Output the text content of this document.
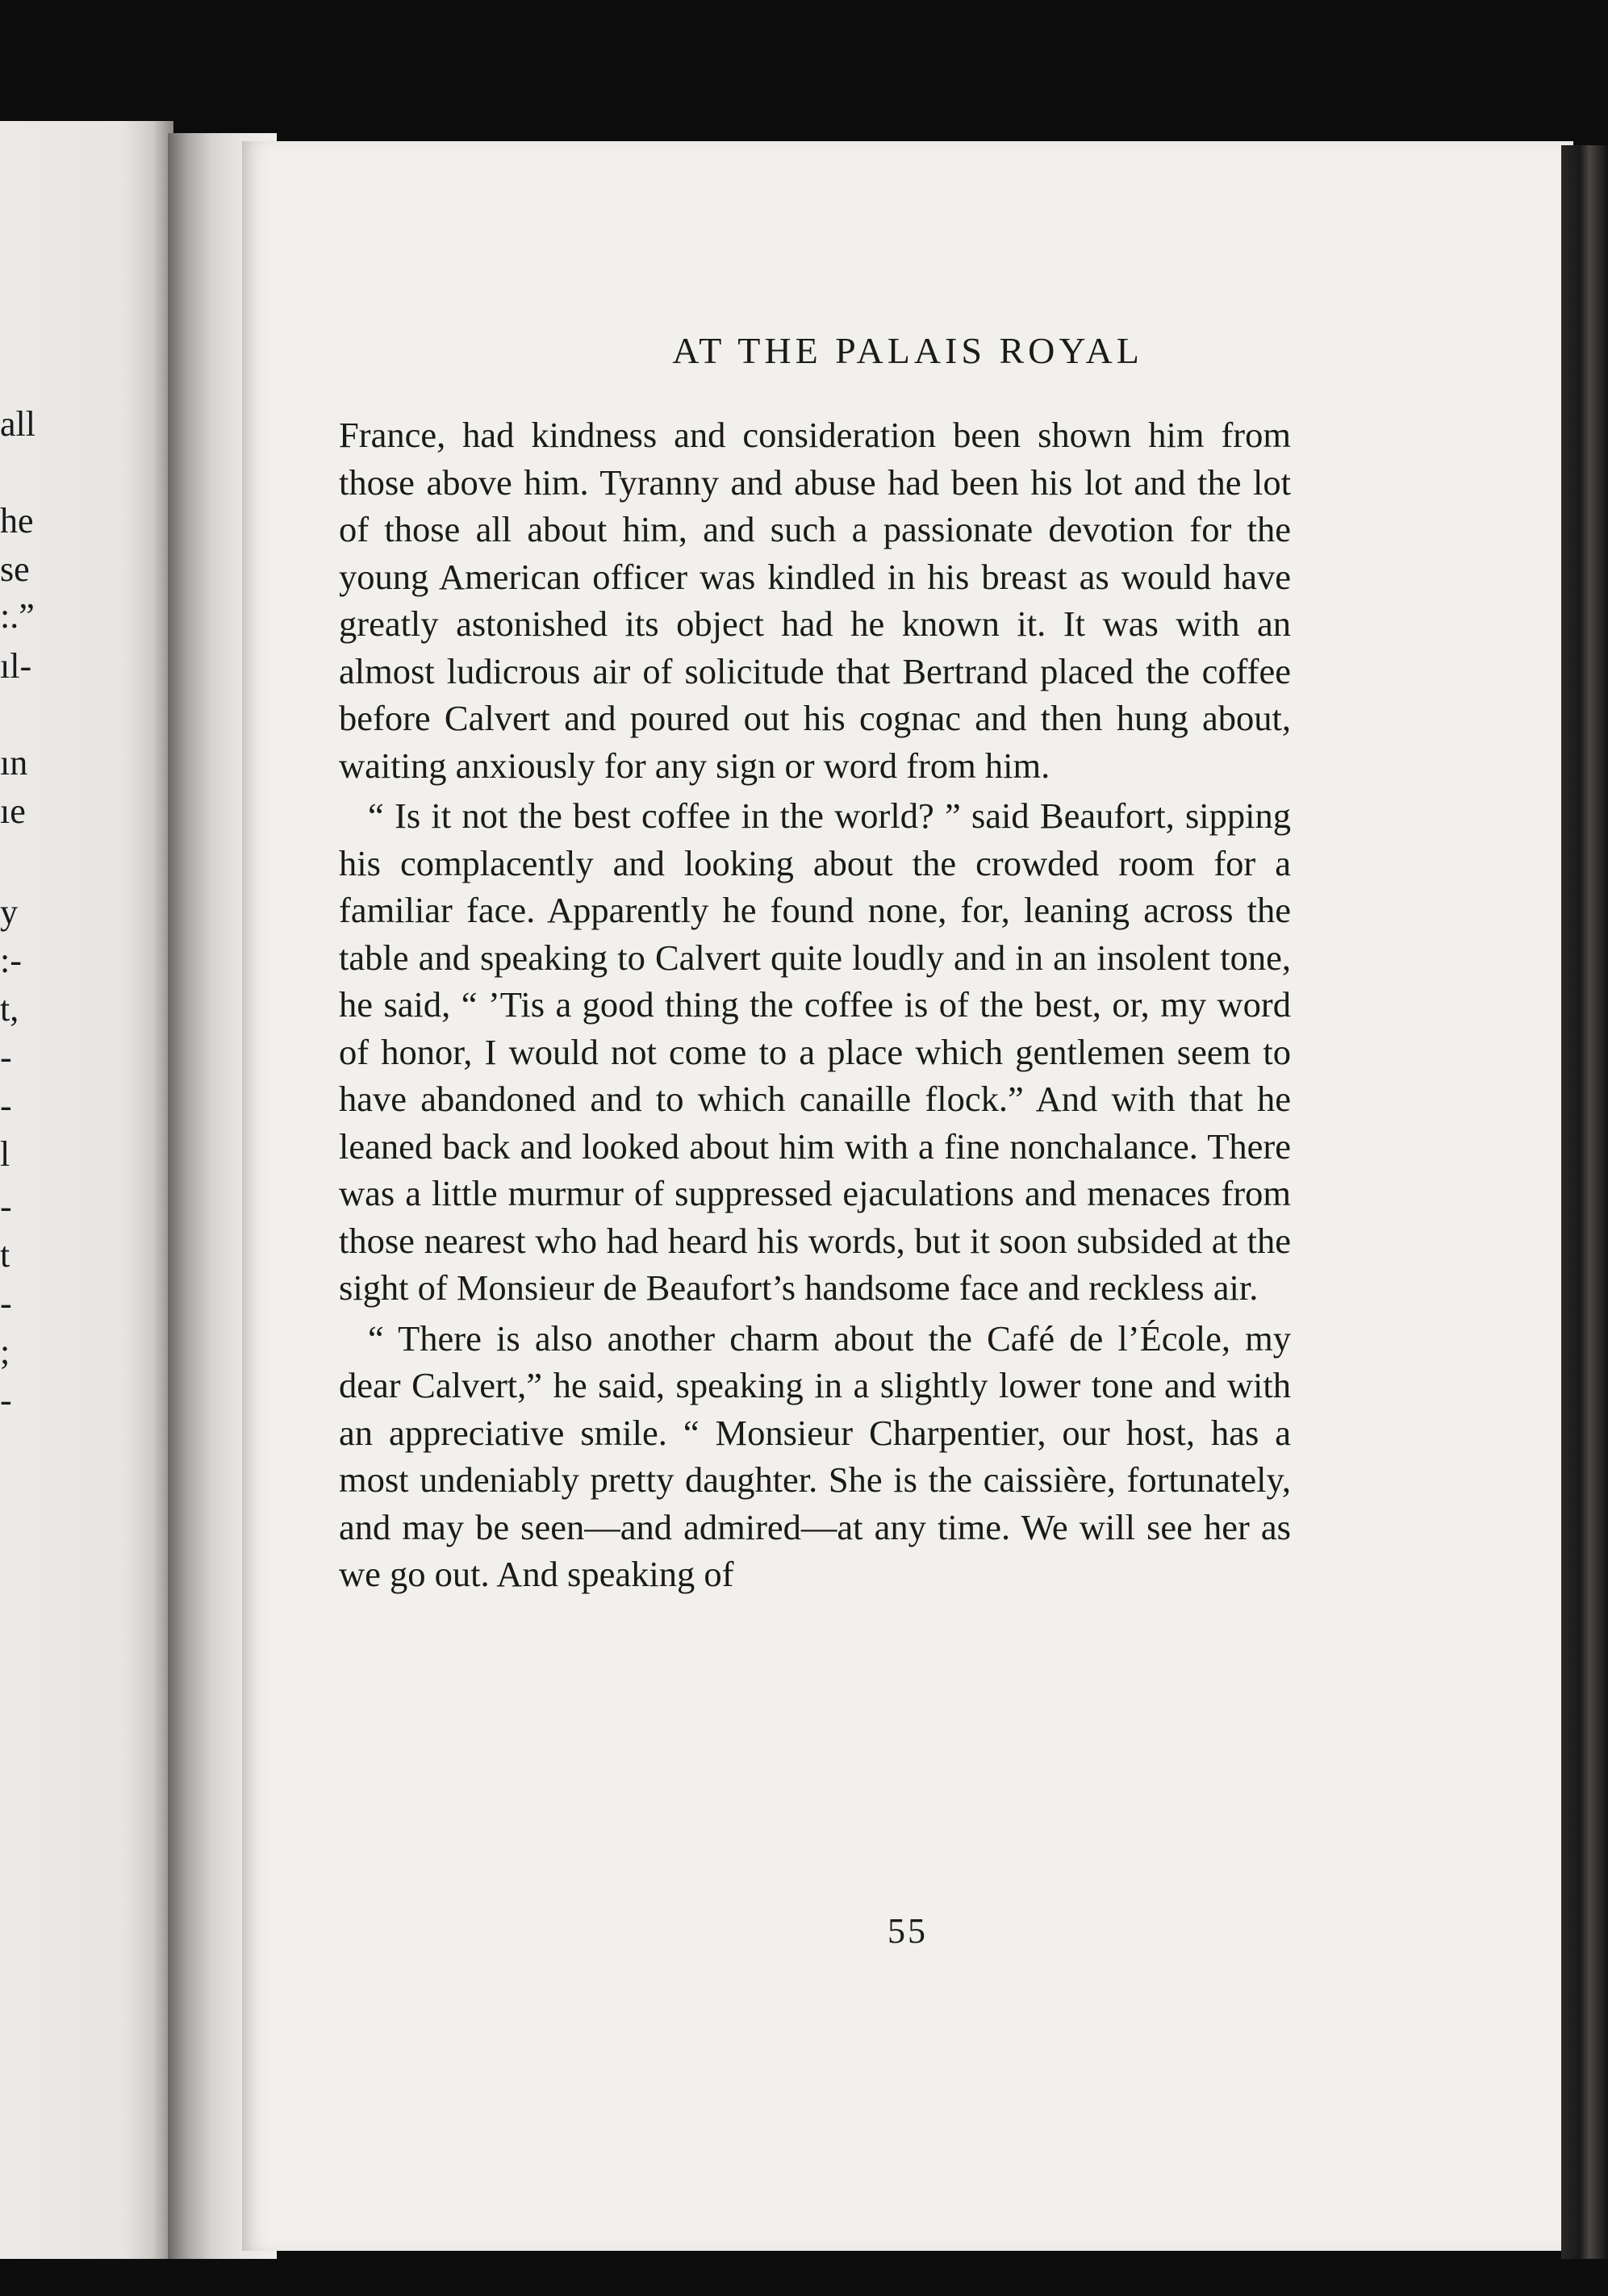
all
he
se
:.”
ıl-
ın
ıe
y
:-
t,
-
-
l
-
t
-
;
-
AT THE PALAIS ROYAL

France, had kindness and consideration been shown him from those above him. Tyranny and abuse had been his lot and the lot of those all about him, and such a passionate devotion for the young American officer was kindled in his breast as would have greatly astonished its object had he known it. It was with an almost ludicrous air of solicitude that Bertrand placed the coffee before Calvert and poured out his cognac and then hung about, waiting anxiously for any sign or word from him.

“ Is it not the best coffee in the world? ” said Beaufort, sipping his complacently and looking about the crowded room for a familiar face. Apparently he found none, for, leaning across the table and speaking to Calvert quite loudly and in an insolent tone, he said, “ ’Tis a good thing the coffee is of the best, or, my word of honor, I would not come to a place which gentlemen seem to have abandoned and to which canaille flock.” And with that he leaned back and looked about him with a fine nonchalance. There was a little murmur of suppressed ejaculations and menaces from those nearest who had heard his words, but it soon subsided at the sight of Monsieur de Beaufort’s handsome face and reckless air.

“ There is also another charm about the Café de l’École, my dear Calvert,” he said, speaking in a slightly lower tone and with an appreciative smile. “ Monsieur Charpentier, our host, has a most undeniably pretty daughter. She is the caissière, fortunately, and may be seen—and admired—at any time. We will see her as we go out. And speaking of

55
